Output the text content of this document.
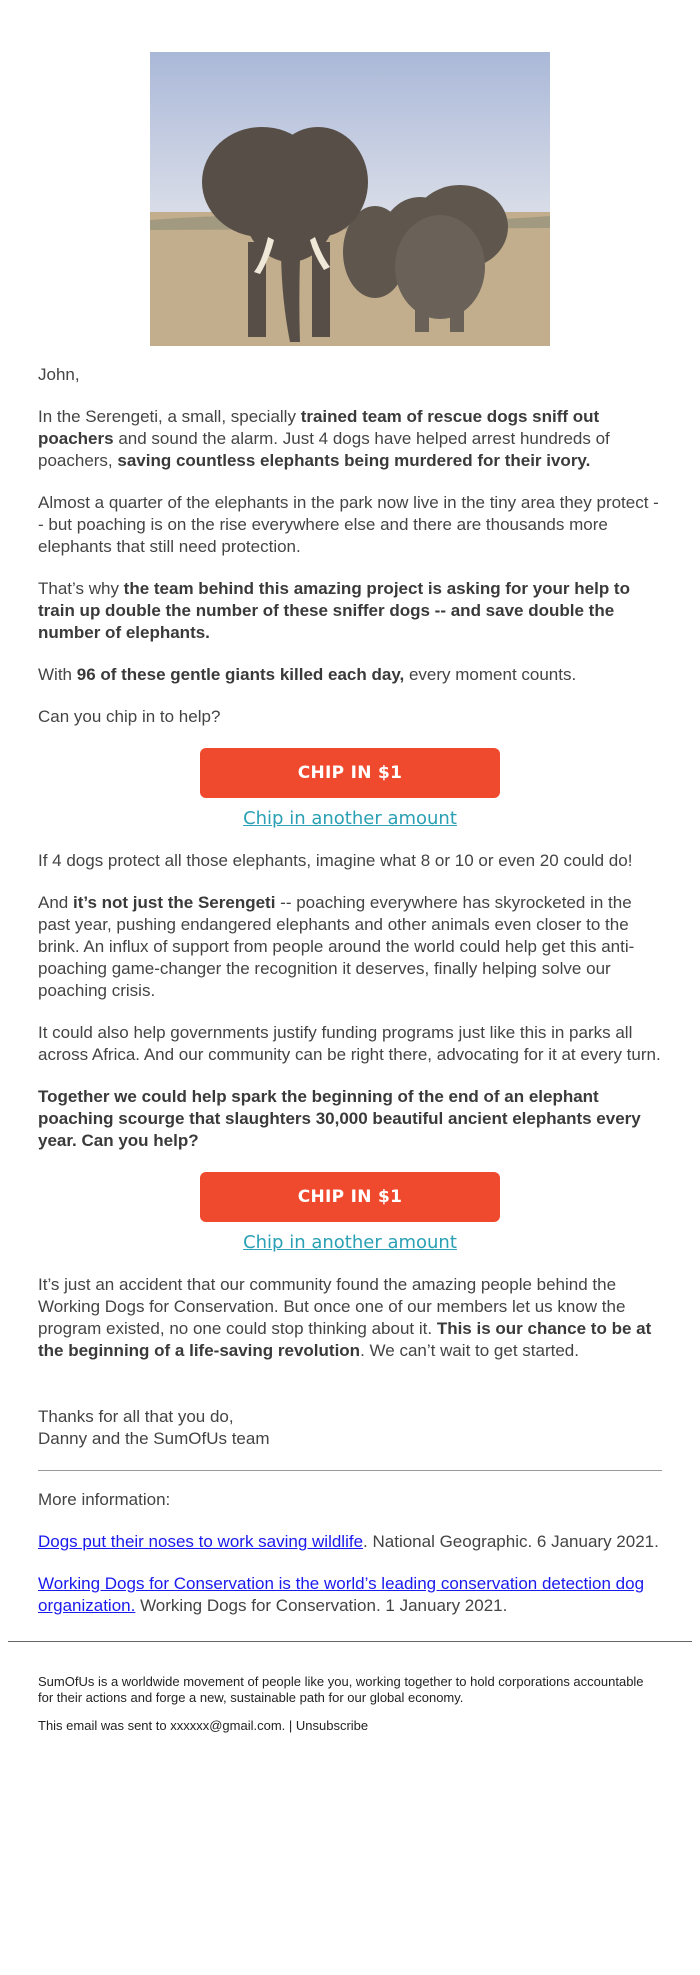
John,

In the Serengeti, a small, specially trained team of rescue dogs sniff out poachers and sound the alarm. Just 4 dogs have helped arrest hundreds of poachers, saving countless elephants being murdered for their ivory.

Almost a quarter of the elephants in the park now live in the tiny area they protect -- but poaching is on the rise everywhere else and there are thousands more elephants that still need protection.

That’s why the team behind this amazing project is asking for your help to train up double the number of these sniffer dogs -- and save double the number of elephants.

With 96 of these gentle giants killed each day, every moment counts.

Can you chip in to help?

CHIP IN $1
Chip in another amount

If 4 dogs protect all those elephants, imagine what 8 or 10 or even 20 could do!

And it’s not just the Serengeti -- poaching everywhere has skyrocketed in the past year, pushing endangered elephants and other animals even closer to the brink. An influx of support from people around the world could help get this anti-poaching game-changer the recognition it deserves, finally helping solve our poaching crisis.

It could also help governments justify funding programs just like this in parks all across Africa. And our community can be right there, advocating for it at every turn.

Together we could help spark the beginning of the end of an elephant poaching scourge that slaughters 30,000 beautiful ancient elephants every year. Can you help?

CHIP IN $1
Chip in another amount

It’s just an accident that our community found the amazing people behind the Working Dogs for Conservation. But once one of our members let us know the program existed, no one could stop thinking about it. This is our chance to be at the beginning of a life-saving revolution. We can’t wait to get started.

Thanks for all that you do,
Danny and the SumOfUs team

More information:

Dogs put their noses to work saving wildlife. National Geographic. 6 January 2021.

Working Dogs for Conservation is the world’s leading conservation detection dog organization. Working Dogs for Conservation. 1 January 2021.

SumOfUs is a worldwide movement of people like you, working together to hold corporations accountable for their actions and forge a new, sustainable path for our global economy.

This email was sent to xxxxxx@gmail.com. | Unsubscribe
